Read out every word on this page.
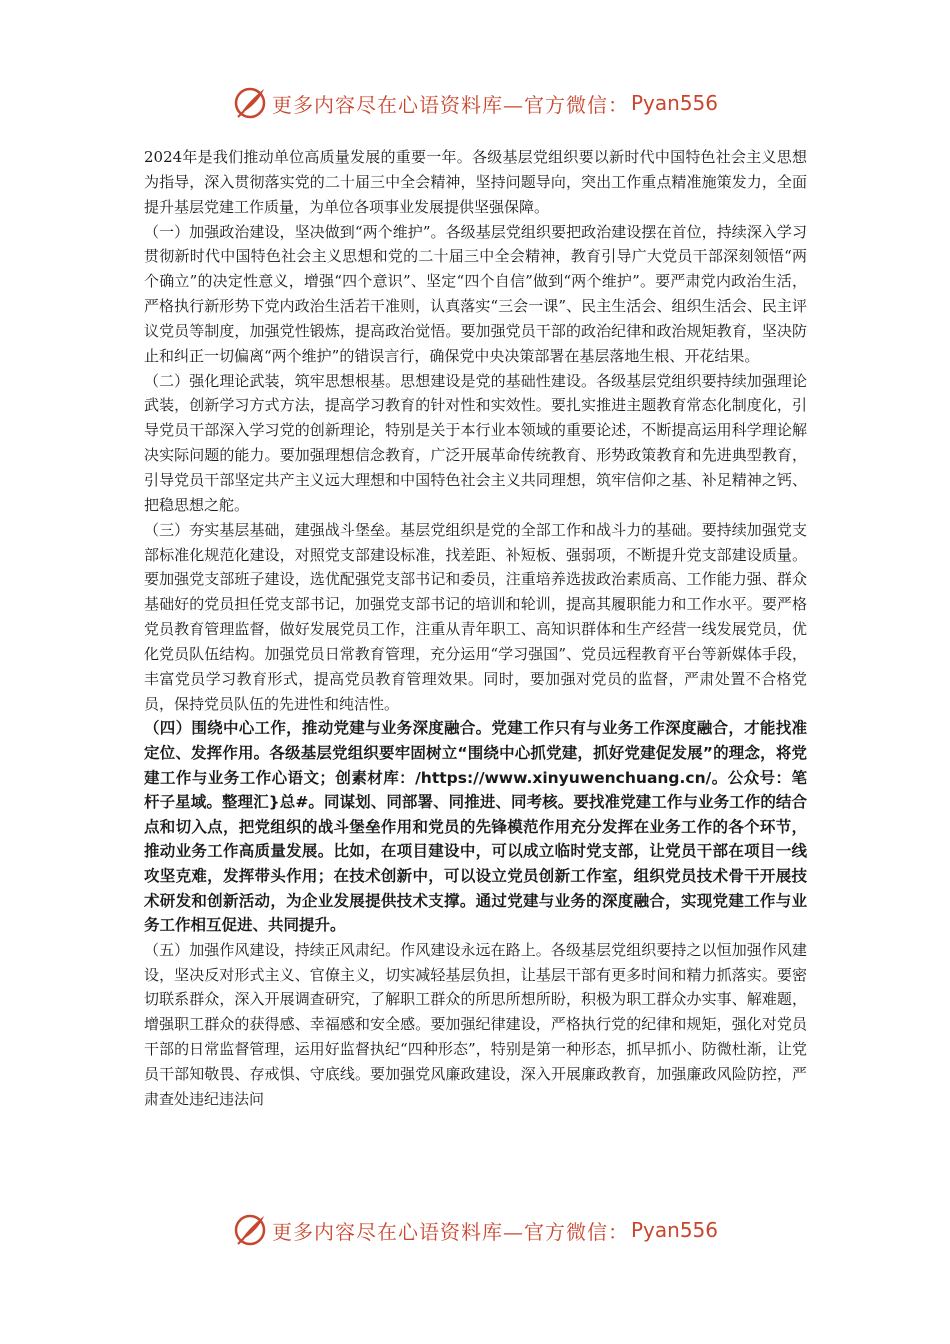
更多内容尽在心语资料库—官方微信： Pyan556

2024年是我们推动单位高质量发展的重要一年。各级基层党组织要以新时代中国特色社会主义思想为指导，深入贯彻落实党的二十届三中全会精神，坚持问题导向，突出工作重点精准施策发力，全面提升基层党建工作质量，为单位各项事业发展提供坚强保障。

（一）加强政治建设，坚决做到“两个维护”。各级基层党组织要把政治建设摆在首位，持续深入学习贯彻新时代中国特色社会主义思想和党的二十届三中全会精神，教育引导广大党员干部深刻领悟“两个确立”的决定性意义，增强“四个意识”、坚定“四个自信”做到“两个维护”。要严肃党内政治生活，严格执行新形势下党内政治生活若干准则，认真落实“三会一课”、民主生活会、组织生活会、民主评议党员等制度，加强党性锻炼，提高政治觉悟。要加强党员干部的政治纪律和政治规矩教育，坚决防止和纠正一切偏离“两个维护”的错误言行，确保党中央决策部署在基层落地生根、开花结果。

（二）强化理论武装，筑牢思想根基。思想建设是党的基础性建设。各级基层党组织要持续加强理论武装，创新学习方式方法，提高学习教育的针对性和实效性。要扎实推进主题教育常态化制度化，引导党员干部深入学习党的创新理论，特别是关于本行业本领域的重要论述，不断提高运用科学理论解决实际问题的能力。要加强理想信念教育，广泛开展革命传统教育、形势政策教育和先进典型教育，引导党员干部坚定共产主义远大理想和中国特色社会主义共同理想，筑牢信仰之基、补足精神之钙、把稳思想之舵。

（三）夯实基层基础，建强战斗堡垒。基层党组织是党的全部工作和战斗力的基础。要持续加强党支部标准化规范化建设，对照党支部建设标准，找差距、补短板、强弱项，不断提升党支部建设质量。要加强党支部班子建设，选优配强党支部书记和委员，注重培养选拔政治素质高、工作能力强、群众基础好的党员担任党支部书记，加强党支部书记的培训和轮训，提高其履职能力和工作水平。要严格党员教育管理监督，做好发展党员工作，注重从青年职工、高知识群体和生产经营一线发展党员，优化党员队伍结构。加强党员日常教育管理，充分运用“学习强国”、党员远程教育平台等新媒体手段，丰富党员学习教育形式，提高党员教育管理效果。同时，要加强对党员的监督，严肃处置不合格党员，保持党员队伍的先进性和纯洁性。

（四）围绕中心工作，推动党建与业务深度融合。党建工作只有与业务工作深度融合，才能找准定位、发挥作用。各级基层党组织要牢固树立“围绕中心抓党建，抓好党建促发展”的理念，将党建工作与业务工作心语文；创素材库：/https://www.xinyuwenchuang.cn/。公众号：笔杆子星域。整理汇}总#。同谋划、同部署、同推进、同考核。要找准党建工作与业务工作的结合点和切入点，把党组织的战斗堡垒作用和党员的先锋模范作用充分发挥在业务工作的各个环节，推动业务工作高质量发展。比如，在项目建设中，可以成立临时党支部，让党员干部在项目一线攻坚克难，发挥带头作用；在技术创新中，可以设立党员创新工作室，组织党员技术骨干开展技术研发和创新活动，为企业发展提供技术支撑。通过党建与业务的深度融合，实现党建工作与业务工作相互促进、共同提升。

（五）加强作风建设，持续正风肃纪。作风建设永远在路上。各级基层党组织要持之以恒加强作风建设，坚决反对形式主义、官僚主义，切实减轻基层负担，让基层干部有更多时间和精力抓落实。要密切联系群众，深入开展调查研究，了解职工群众的所思所想所盼，积极为职工群众办实事、解难题，增强职工群众的获得感、幸福感和安全感。要加强纪律建设，严格执行党的纪律和规矩，强化对党员干部的日常监督管理，运用好监督执纪“四种形态”，特别是第一种形态，抓早抓小、防微杜渐，让党员干部知敬畏、存戒惧、守底线。要加强党风廉政建设，深入开展廉政教育，加强廉政风险防控，严肃查处违纪违法问

更多内容尽在心语资料库—官方微信： Pyan556
